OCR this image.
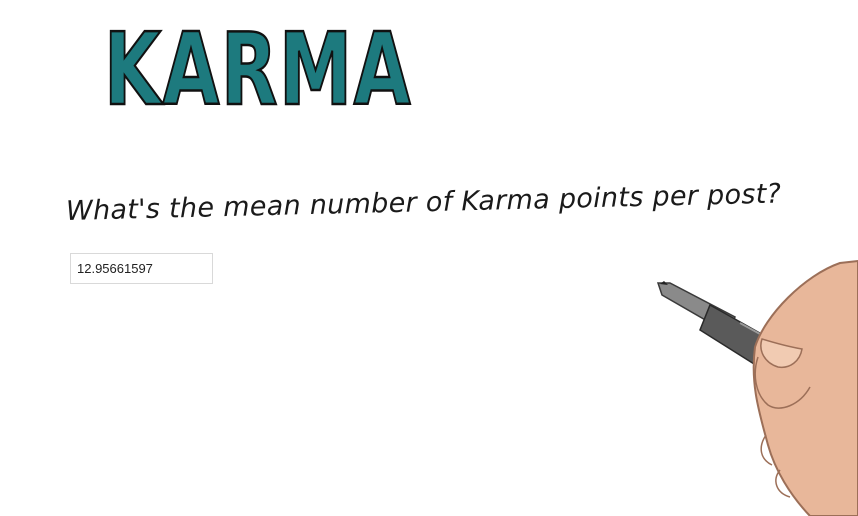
KARMA
What's the mean number of Karma points per post?
12.95661597
